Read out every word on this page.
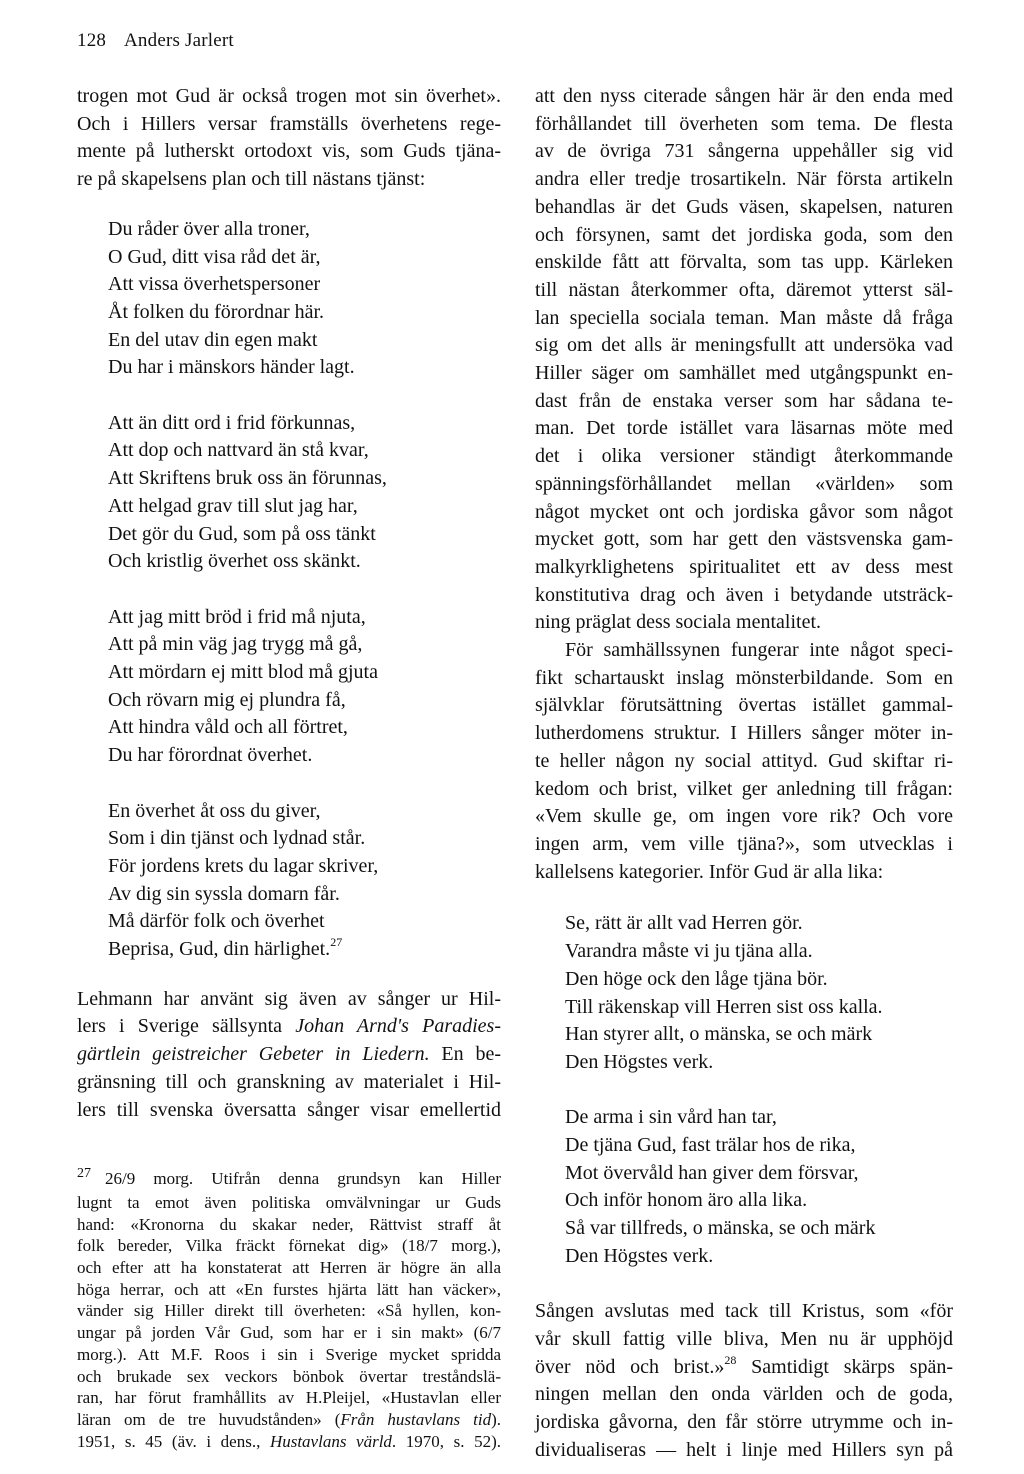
128 Anders Jarlert

trogen mot Gud är också trogen mot sin överhet».
Och i Hillers versar framställs överhetens rege-
mente på lutherskt ortodoxt vis, som Guds tjäna-
re på skapelsens plan och till nästans tjänst:

Du råder över alla troner,
O Gud, ditt visa råd det är,
Att vissa överhetspersoner
Åt folken du förordnar här.
En del utav din egen makt
Du har i mänskors händer lagt.
Att än ditt ord i frid förkunnas,
Att dop och nattvard än stå kvar,
Att Skriftens bruk oss än förunnas,
Att helgad grav till slut jag har,
Det gör du Gud, som på oss tänkt
Och kristlig överhet oss skänkt.
Att jag mitt bröd i frid må njuta,
Att på min väg jag trygg må gå,
Att mördarn ej mitt blod må gjuta
Och rövarn mig ej plundra få,
Att hindra våld och all förtret,
Du har förordnat överhet.
En överhet åt oss du giver,
Som i din tjänst och lydnad står.
För jordens krets du lagar skriver,
Av dig sin syssla domarn får.
Må därför folk och överhet
Beprisa, Gud, din härlighet.$^{27}$

Lehmann har använt sig även av sånger ur Hil-
lers i Sverige sällsynta Johan Arnd's Paradies-
gärtlein geistreicher Gebeter in Liedern. En be-
gränsning till och granskning av materialet i Hil-
lers till svenska översatta sånger visar emellertid

$^{27}$ 26/9 morg. Utifrån denna grundsyn kan Hiller
lugnt ta emot även politiska omvälvningar ur Guds
hand: «Kronorna du skakar neder, Rättvist straff åt
folk bereder, Vilka fräckt förnekat dig» (18/7 morg.),
och efter att ha konstaterat att Herren är högre än alla
höga herrar, och att «En furstes hjärta lätt han väcker»,
vänder sig Hiller direkt till överheten: «Så hyllen, kon-
ungar på jorden Vår Gud, som har er i sin makt» (6/7
morg.). Att M.F. Roos i sin i Sverige mycket spridda
och brukade sex veckors bönbok övertar treståndslä-
ran, har förut framhållits av H.Pleijel, «Hustavlan eller
läran om de tre huvudstånden» (Från hustavlans tid).
1951, s. 45 (äv. i dens., Hustavlans värld. 1970, s. 52).

att den nyss citerade sången här är den enda med
förhållandet till överheten som tema. De flesta
av de övriga 731 sångerna uppehåller sig vid
andra eller tredje trosartikeln. När första artikeln
behandlas är det Guds väsen, skapelsen, naturen
och försynen, samt det jordiska goda, som den
enskilde fått att förvalta, som tas upp. Kärleken
till nästan återkommer ofta, däremot ytterst säl-
lan speciella sociala teman. Man måste då fråga
sig om det alls är meningsfullt att undersöka vad
Hiller säger om samhället med utgångspunkt en-
dast från de enstaka verser som har sådana te-
man. Det torde istället vara läsarnas möte med
det i olika versioner ständigt återkommande
spänningsförhållandet mellan «världen» som
något mycket ont och jordiska gåvor som något
mycket gott, som har gett den västsvenska gam-
malkyrklighetens spiritualitet ett av dess mest
konstitutiva drag och även i betydande utsträck-
ning präglat dess sociala mentalitet.

För samhällssynen fungerar inte något speci-
fikt schartauskt inslag mönsterbildande. Som en
självklar förutsättning övertas istället gammal-
lutherdomens struktur. I Hillers sånger möter in-
te heller någon ny social attityd. Gud skiftar ri-
kedom och brist, vilket ger anledning till frågan:
«Vem skulle ge, om ingen vore rik? Och vore
ingen arm, vem ville tjäna?», som utvecklas i
kallelsens kategorier. Inför Gud är alla lika:

Se, rätt är allt vad Herren gör.
Varandra måste vi ju tjäna alla.
Den höge ock den låge tjäna bör.
Till räkenskap vill Herren sist oss kalla.
Han styrer allt, o mänska, se och märk
Den Högstes verk.
De arma i sin vård han tar,
De tjäna Gud, fast trälar hos de rika,
Mot övervåld han giver dem försvar,
Och inför honom äro alla lika.
Så var tillfreds, o mänska, se och märk
Den Högstes verk.

Sången avslutas med tack till Kristus, som «för
vår skull fattig ville bliva, Men nu är upphöjd
över nöd och brist.»$^{28}$ Samtidigt skärps spän-
ningen mellan den onda världen och de goda,
jordiska gåvorna, den får större utrymme och in-
dividualiseras — helt i linje med Hillers syn på
